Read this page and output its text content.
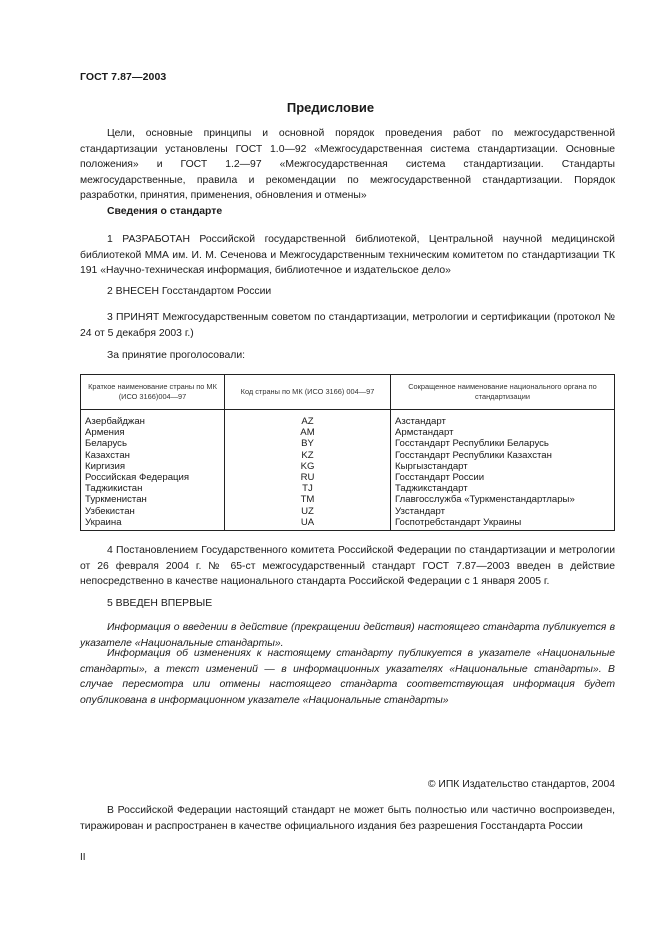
ГОСТ 7.87—2003
Предисловие

Цели, основные принципы и основной порядок проведения работ по межгосударственной стандартизации установлены ГОСТ 1.0—92 «Межгосударственная система стандартизации. Основные положения» и ГОСТ 1.2—97 «Межгосударственная система стандартизации. Стандарты межгосударственные, правила и рекомендации по межгосударственной стандартизации. Порядок разработки, принятия, применения, обновления и отмены»

Сведения о стандарте

1 РАЗРАБОТАН Российской государственной библиотекой, Центральной научной медицинской библиотекой ММА им. И. М. Сеченова и Межгосударственным техническим комитетом по стандартизации ТК 191 «Научно-техническая информация, библиотечное и издательское дело»

2 ВНЕСЕН Госстандартом России

3 ПРИНЯТ Межгосударственным советом по стандартизации, метрологии и сертификации (протокол № 24 от 5 декабря 2003 г.)

За принятие проголосовали:

Краткое наименование страны по МК (ИСО 3166)004—97	Код страны по МК (ИСО 3166) 004—97	Сокращенное наименование национального органа по стандартизации
Азербайджан	AZ	Азстандарт
Армения	AM	Армстандарт
Беларусь	BY	Госстандарт Республики Беларусь
Казахстан	KZ	Госстандарт Республики Казахстан
Киргизия	KG	Кыргызстандарт
Российская Федерация	RU	Госстандарт России
Таджикистан	TJ	Таджикстандарт
Туркменистан	TM	Главгосслужба «Туркменстандартлары»
Узбекистан	UZ	Узстандарт
Украина	UA	Госпотребстандарт Украины

4 Постановлением Государственного комитета Российской Федерации по стандартизации и метрологии от 26 февраля 2004 г. № 65-ст межгосударственный стандарт ГОСТ 7.87—2003 введен в действие непосредственно в качестве национального стандарта Российской Федерации с 1 января 2005 г.

5 ВВЕДЕН ВПЕРВЫЕ

Информация о введении в действие (прекращении действия) настоящего стандарта публикуется в указателе «Национальные стандарты».

Информация об изменениях к настоящему стандарту публикуется в указателе «Национальные стандарты», а текст изменений — в информационных указателях «Национальные стандарты». В случае пересмотра или отмены настоящего стандарта соответствующая информация будет опубликована в информационном указателе «Национальные стандарты»

© ИПК Издательство стандартов, 2004

В Российской Федерации настоящий стандарт не может быть полностью или частично воспроизведен, тиражирован и распространен в качестве официального издания без разрешения Госстандарта России

II
